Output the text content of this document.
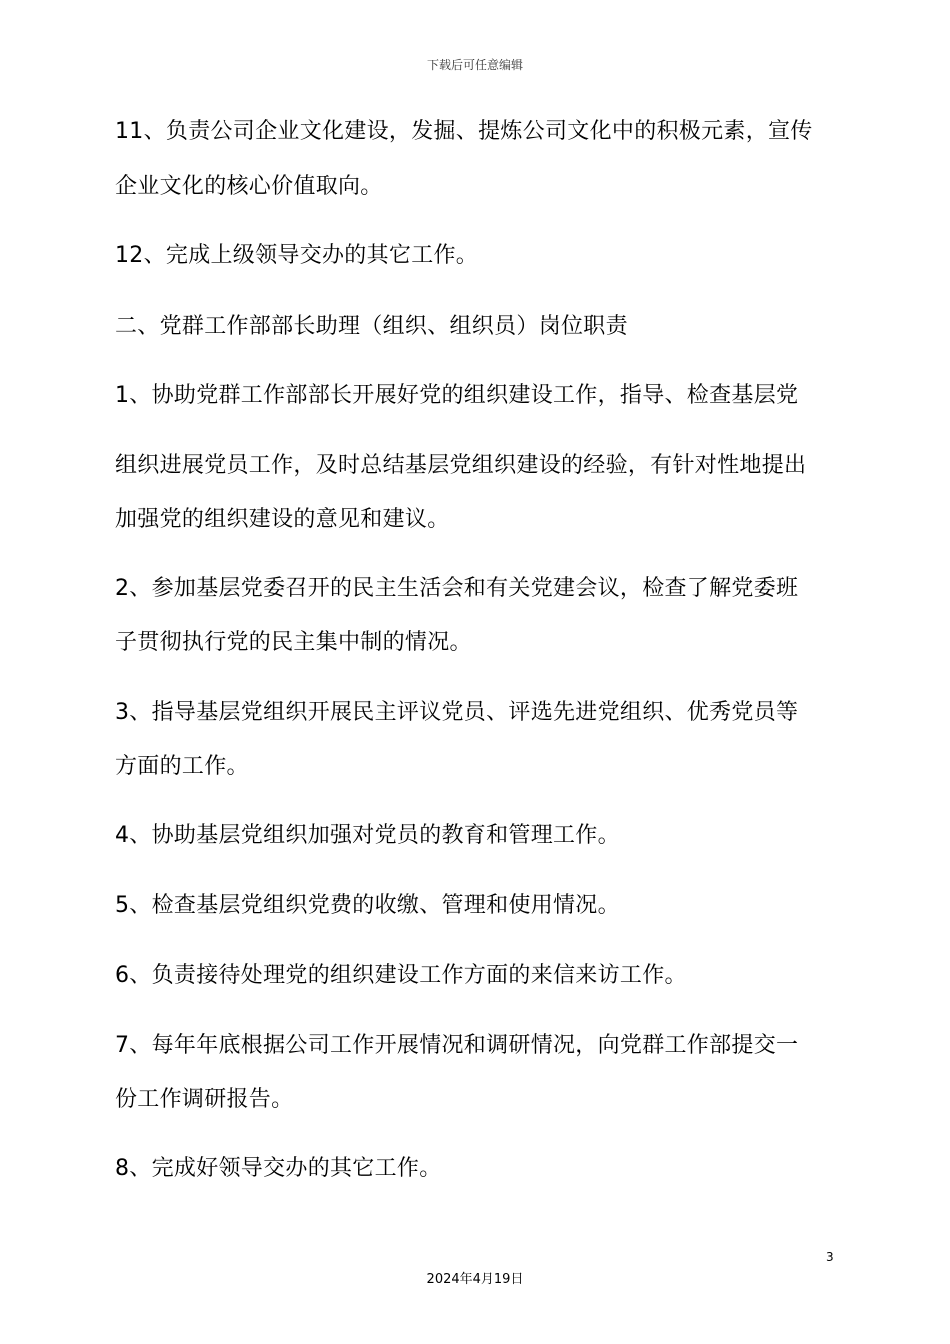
下载后可任意编辑
11、负责公司企业文化建设，发掘、提炼公司文化中的积极元素，宣传
企业文化的核心价值取向。
12、完成上级领导交办的其它工作。
二、党群工作部部长助理（组织、组织员）岗位职责
1、协助党群工作部部长开展好党的组织建设工作，指导、检查基层党
组织进展党员工作，及时总结基层党组织建设的经验，有针对性地提出
加强党的组织建设的意见和建议。
2、参加基层党委召开的民主生活会和有关党建会议，检查了解党委班
子贯彻执行党的民主集中制的情况。
3、指导基层党组织开展民主评议党员、评选先进党组织、优秀党员等
方面的工作。
4、协助基层党组织加强对党员的教育和管理工作。
5、检查基层党组织党费的收缴、管理和使用情况。
6、负责接待处理党的组织建设工作方面的来信来访工作。
7、每年年底根据公司工作开展情况和调研情况，向党群工作部提交一
份工作调研报告。
8、完成好领导交办的其它工作。
3
2024年4月19日
